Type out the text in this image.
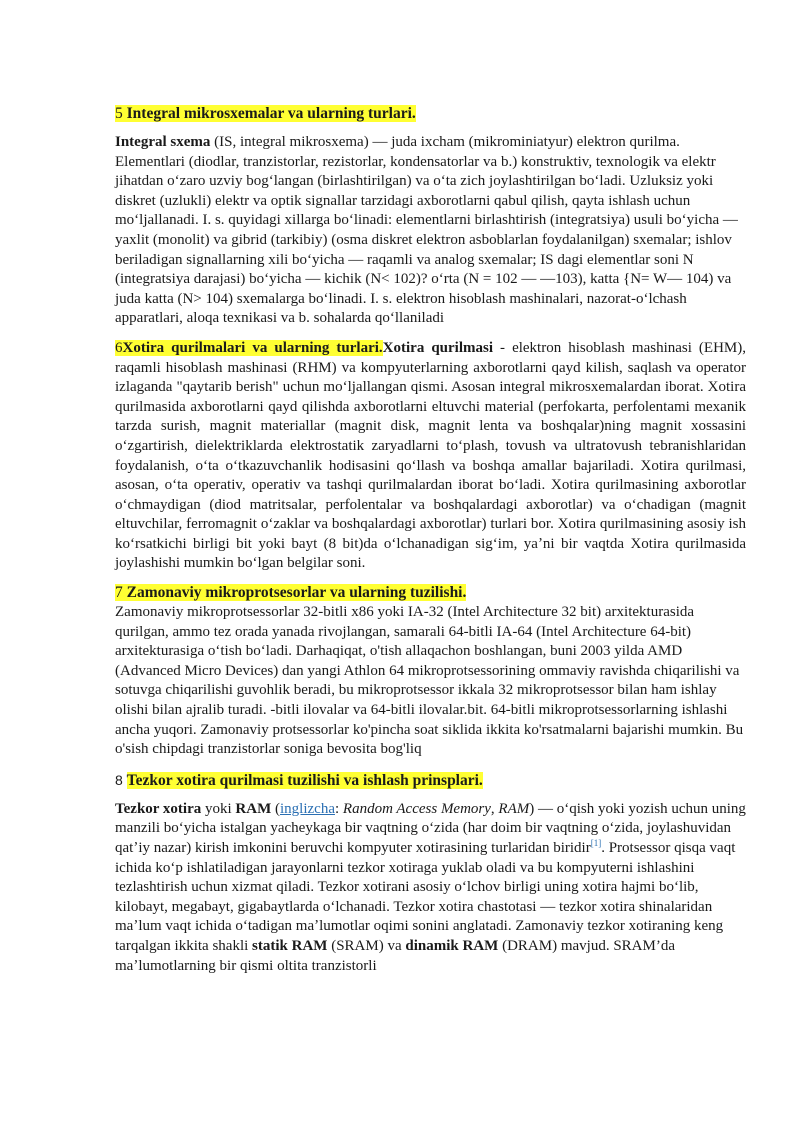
5 Integral mikrosxemalar va ularning turlari.

Integral sxema (IS, integral mikrosxema) — juda ixcham (mikrominiatyur) elektron qurilma. Elementlari (diodlar, tranzistorlar, rezistorlar, kondensatorlar va b.) konstruktiv, texnologik va elektr jihatdan oʻzaro uzviy bogʻlangan (birlashtirilgan) va oʻta zich joylashtirilgan boʻladi. Uzluksiz yoki diskret (uzlukli) elektr va optik signallar tarzidagi axborotlarni qabul qilish, qayta ishlash uchun moʻljallanadi. I. s. quyidagi xillarga boʻlinadi: elementlarni birlashtirish (integratsiya) usuli boʻyicha — yaxlit (monolit) va gibrid (tarkibiy) (osma diskret elektron asboblarlan foydalanilgan) sxemalar; ishlov beriladigan signallarning xili boʻyicha — raqamli va analog sxemalar; IS dagi elementlar soni N (integratsiya darajasi) boʻyicha — kichik (N< 102)? oʻrta (N = 102 — —103), katta {N= W— 104) va juda katta (N> 104) sxemalarga boʻlinadi. I. s. elektron hisoblash mashinalari, nazorat-oʻlchash apparatlari, aloqa texnikasi va b. sohalarda qoʻllaniladi

6Xotira qurilmalari va ularning turlari.Xotira qurilmasi - elektron hisoblash mashinasi (EHM), raqamli hisoblash mashinasi (RHM) va kompyuterlarning axborotlarni qayd kilish, saqlash va operator izlaganda "qaytarib berish" uchun moʻljallangan qismi. Asosan integral mikrosxemalardan iborat. Xotira qurilmasida axborotlarni qayd qilishda axborotlarni eltuvchi material (perfokarta, perfolentami mexanik tarzda surish, magnit materiallar (magnit disk, magnit lenta va boshqalar)ning magnit xossasini oʻzgartirish, dielektriklarda elektrostatik zaryadlarni toʻplash, tovush va ultratovush tebranishlaridan foydalanish, oʻta oʻtkazuvchanlik hodisasini qoʻllash va boshqa amallar bajariladi. Xotira qurilmasi, asosan, oʻta operativ, operativ va tashqi qurilmalardan iborat boʻladi. Xotira qurilmasining axborotlar oʻchmaydigan (diod matritsalar, perfolentalar va boshqalardagi axborotlar) va oʻchadigan (magnit eltuvchilar, ferromagnit oʻzaklar va boshqalardagi axborotlar) turlari bor. Xotira qurilmasining asosiy ish koʻrsatkichi birligi bit yoki bayt (8 bit)da oʻlchanadigan sigʻim, yaʼni bir vaqtda Xotira qurilmasida joylashishi mumkin boʻlgan belgilar soni.

7 Zamonaviy mikroprotsesorlar va ularning tuzilishi.

Zamonaviy mikroprotsessorlar 32-bitli x86 yoki IA-32 (Intel Architecture 32 bit) arxitekturasida qurilgan, ammo tez orada yanada rivojlangan, samarali 64-bitli IA-64 (Intel Architecture 64-bit) arxitekturasiga oʻtish boʻladi. Darhaqiqat, o'tish allaqachon boshlangan, buni 2003 yilda AMD (Advanced Micro Devices) dan yangi Athlon 64 mikroprotsessorining ommaviy ravishda chiqarilishi va sotuvga chiqarilishi guvohlik beradi, bu mikroprotsessor ikkala 32 mikroprotsessor bilan ham ishlay olishi bilan ajralib turadi. -bitli ilovalar va 64-bitli ilovalar.bit. 64-bitli mikroprotsessorlarning ishlashi ancha yuqori. Zamonaviy protsessorlar ko'pincha soat siklida ikkita ko'rsatmalarni bajarishi mumkin. Bu o'sish chipdagi tranzistorlar soniga bevosita bog'liq

8 Tezkor xotira qurilmasi tuzilishi va ishlash prinsplari.

Tezkor xotira yoki RAM (inglizcha: Random Access Memory, RAM) — oʻqish yoki yozish uchun uning manzili boʻyicha istalgan yacheykaga bir vaqtning oʻzida (har doim bir vaqtning oʻzida, joylashuvidan qatʼiy nazar) kirish imkonini beruvchi kompyuter xotirasining turlaridan biridir[1]. Protsessor qisqa vaqt ichida koʻp ishlatiladigan jarayonlarni tezkor xotiraga yuklab oladi va bu kompyuterni ishlashini tezlashtirish uchun xizmat qiladi. Tezkor xotirani asosiy oʻlchov birligi uning xotira hajmi boʻlib, kilobayt, megabayt, gigabaytlarda oʻlchanadi. Tezkor xotira chastotasi — tezkor xotira shinalaridan maʼlum vaqt ichida oʻtadigan maʼlumotlar oqimi sonini anglatadi. Zamonaviy tezkor xotiraning keng tarqalgan ikkita shakli statik RAM (SRAM) va dinamik RAM (DRAM) mavjud. SRAM’da maʼlumotlarning bir qismi oltita tranzistorli
